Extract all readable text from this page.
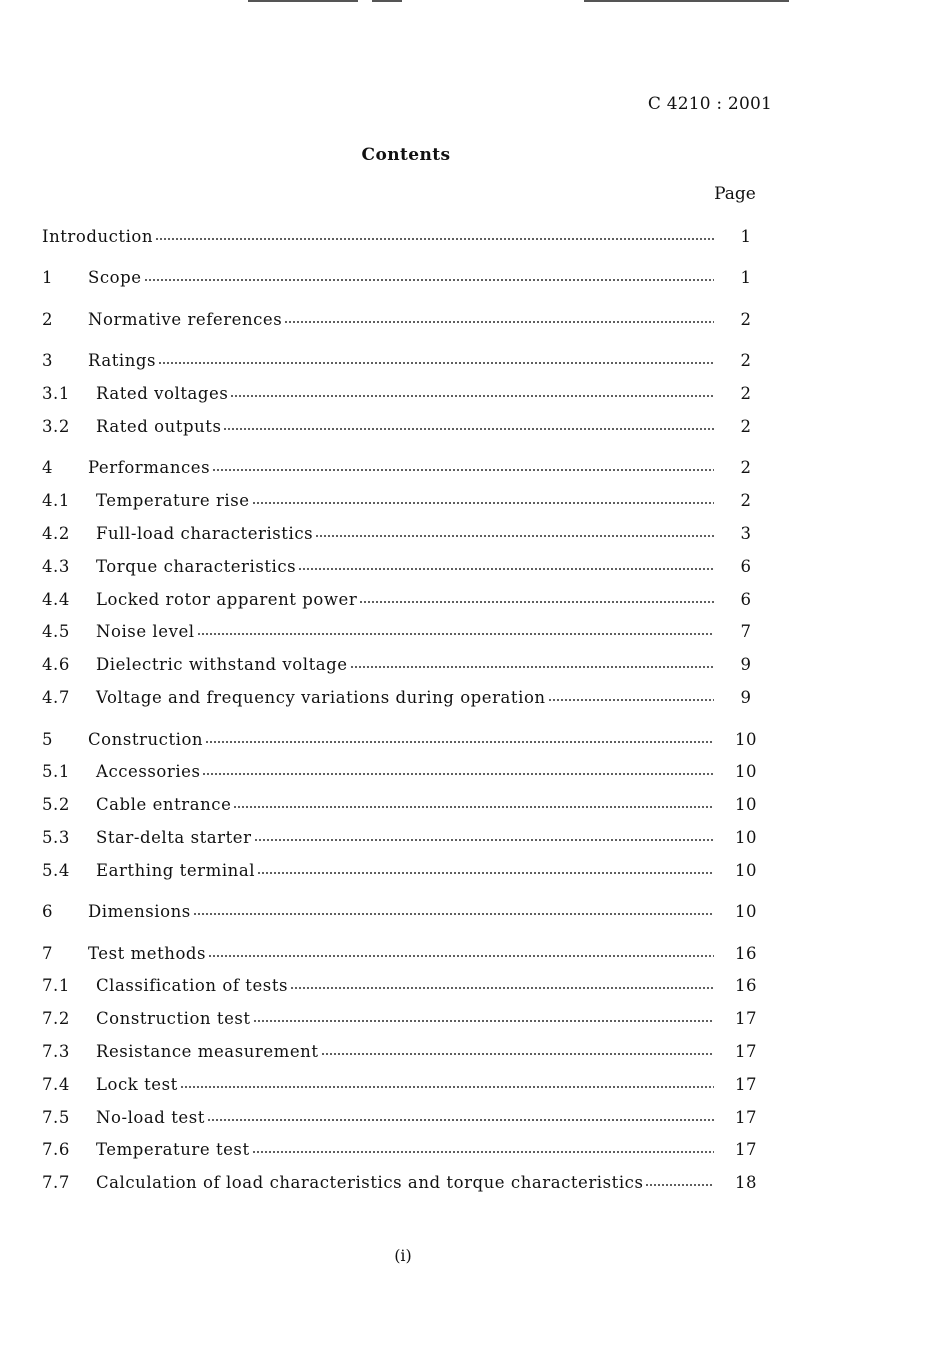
C 4210 : 2001
Contents
Page
Introduction	1
1	Scope	1
2	Normative references	2
3	Ratings	2
3.1	Rated voltages	2
3.2	Rated outputs	2
4	Performances	2
4.1	Temperature rise	2
4.2	Full-load characteristics	3
4.3	Torque characteristics	6
4.4	Locked rotor apparent power	6
4.5	Noise level	7
4.6	Dielectric withstand voltage	9
4.7	Voltage and frequency variations during operation	9
5	Construction	10
5.1	Accessories	10
5.2	Cable entrance	10
5.3	Star-delta starter	10
5.4	Earthing terminal	10
6	Dimensions	10
7	Test methods	16
7.1	Classification of tests	16
7.2	Construction test	17
7.3	Resistance measurement	17
7.4	Lock test	17
7.5	No-load test	17
7.6	Temperature test	17
7.7	Calculation of load characteristics and torque characteristics	18
(i)
